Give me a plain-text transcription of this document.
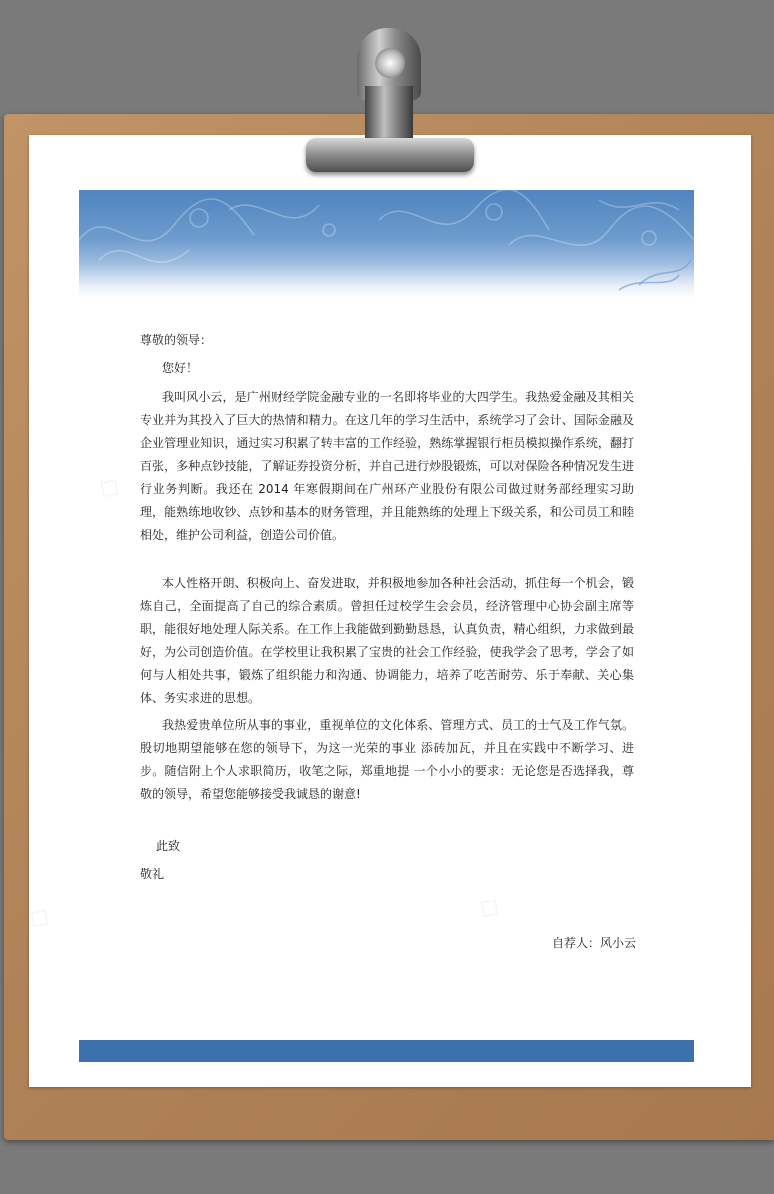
尊敬的领导：
您好！
我叫风小云，是广州财经学院金融专业的一名即将毕业的大四学生。我热爱金融及其相关专业并为其投入了巨大的热情和精力。在这几年的学习生活中，系统学习了会计、国际金融及企业管理业知识，通过实习积累了转丰富的工作经验，熟练掌握银行柜员模拟操作系统，翻打百张，多种点钞技能，了解证券投资分析，并自己进行炒股锻炼，可以对保险各种情况发生进行业务判断。我还在 2014 年寒假期间在广州环产业股份有限公司做过财务部经理实习助理，能熟练地收钞、点钞和基本的财务管理，并且能熟练的处理上下级关系，和公司员工和睦相处，维护公司利益，创造公司价值。
本人性格开朗、积极向上、奋发进取，并积极地参加各种社会活动，抓住每一个机会，锻炼自己，全面提高了自己的综合素质。曾担任过校学生会会员，经济管理中心协会副主席等职，能很好地处理人际关系。在工作上我能做到勤勤恳恳，认真负责，精心组织，力求做到最好，为公司创造价值。在学校里让我积累了宝贵的社会工作经验，使我学会了思考，学会了如何与人相处共事，锻炼了组织能力和沟通、协调能力，培养了吃苦耐劳、乐于奉献、关心集体、务实求进的思想。
我热爱贵单位所从事的事业，重视单位的文化体系、管理方式、员工的士气及工作气氛。殷切地期望能够在您的领导下，为这一光荣的事业 添砖加瓦，并且在实践中不断学习、进步。随信附上个人求职简历，收笔之际，郑重地提 一个小小的要求：无论您是否选择我，尊敬的领导，希望您能够接受我诚恳的谢意!
此致
敬礼
自荐人：风小云
